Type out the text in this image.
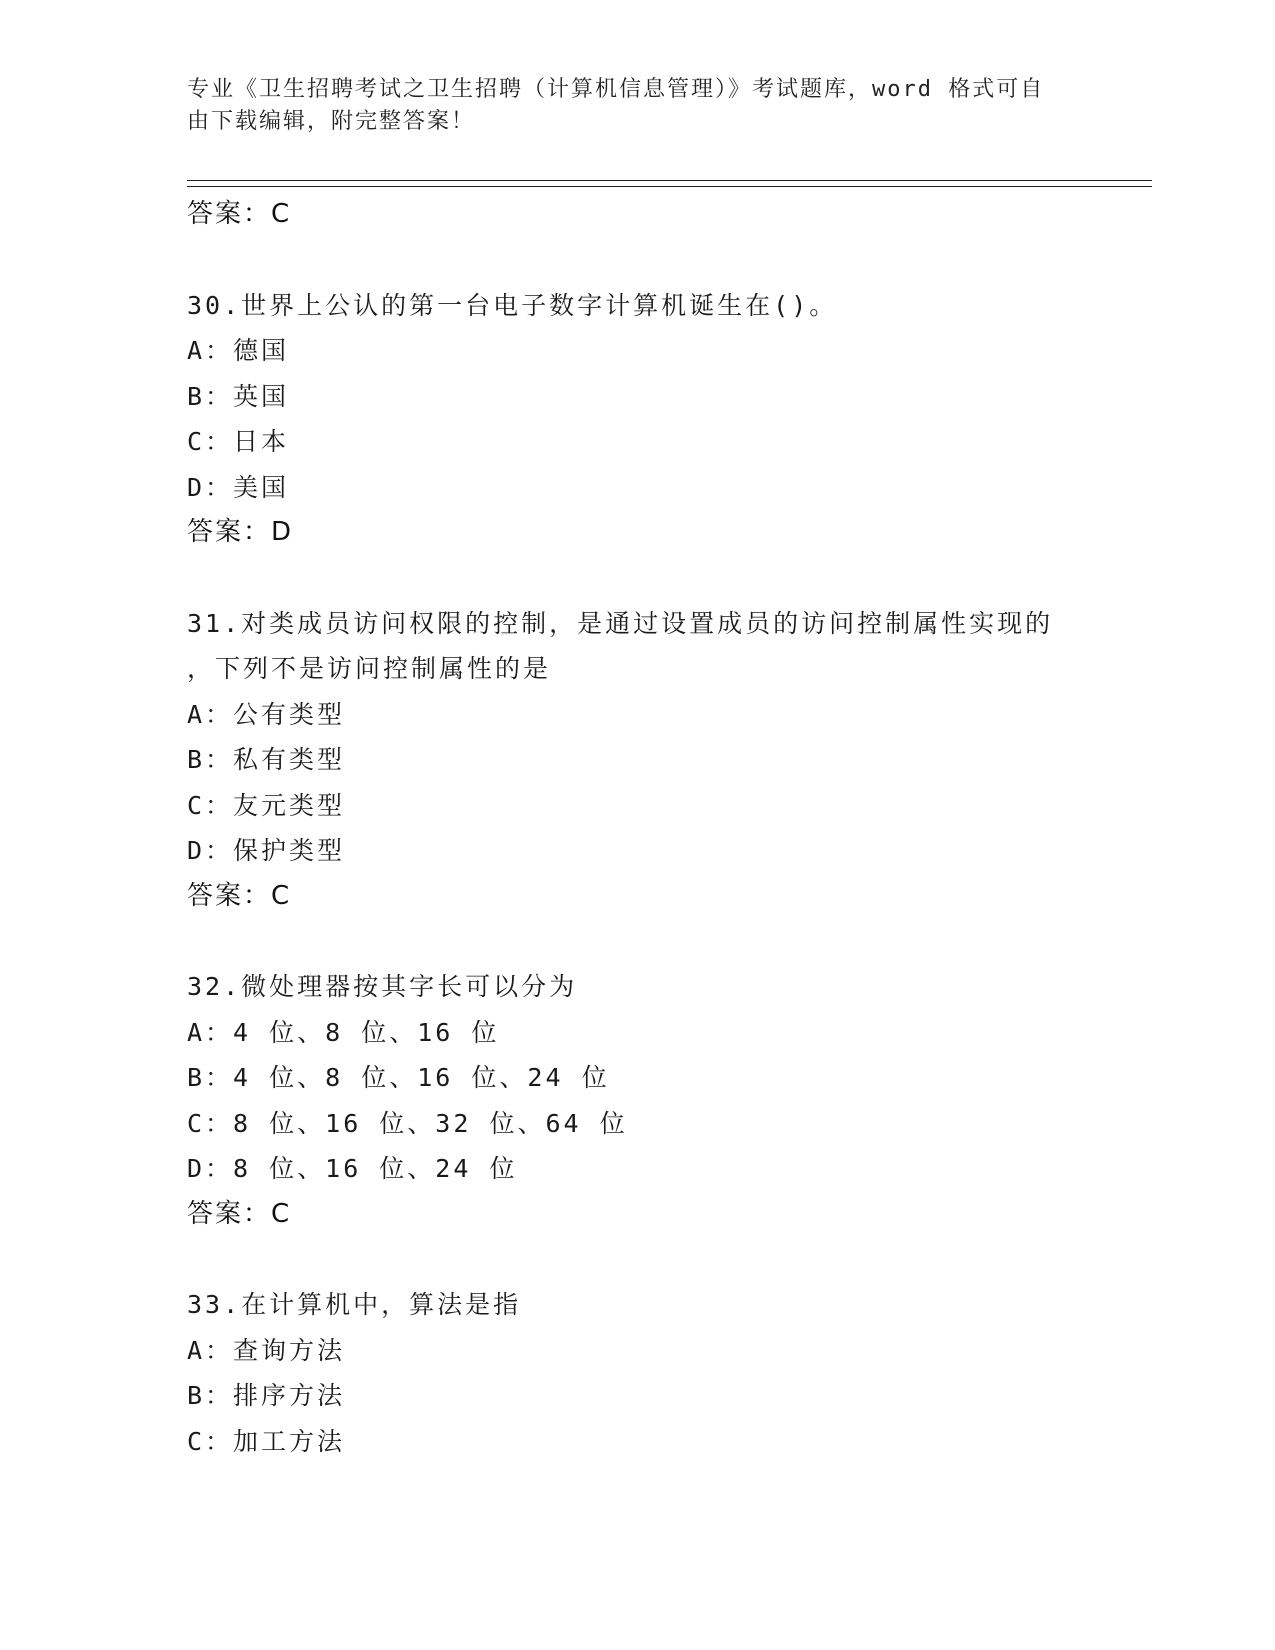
专业《卫生招聘考试之卫生招聘（计算机信息管理）》考试题库，word 格式可自
由下载编辑，附完整答案！
答案：C
30.世界上公认的第一台电子数字计算机诞生在()。
A：德国
B：英国
C：日本
D：美国
答案：D
31.对类成员访问权限的控制，是通过设置成员的访问控制属性实现的
，下列不是访问控制属性的是
A：公有类型
B：私有类型
C：友元类型
D：保护类型
答案：C
32.微处理器按其字长可以分为
A：4 位、8 位、16 位
B：4 位、8 位、16 位、24 位
C：8 位、16 位、32 位、64 位
D：8 位、16 位、24 位
答案：C
33.在计算机中，算法是指
A：查询方法
B：排序方法
C：加工方法
